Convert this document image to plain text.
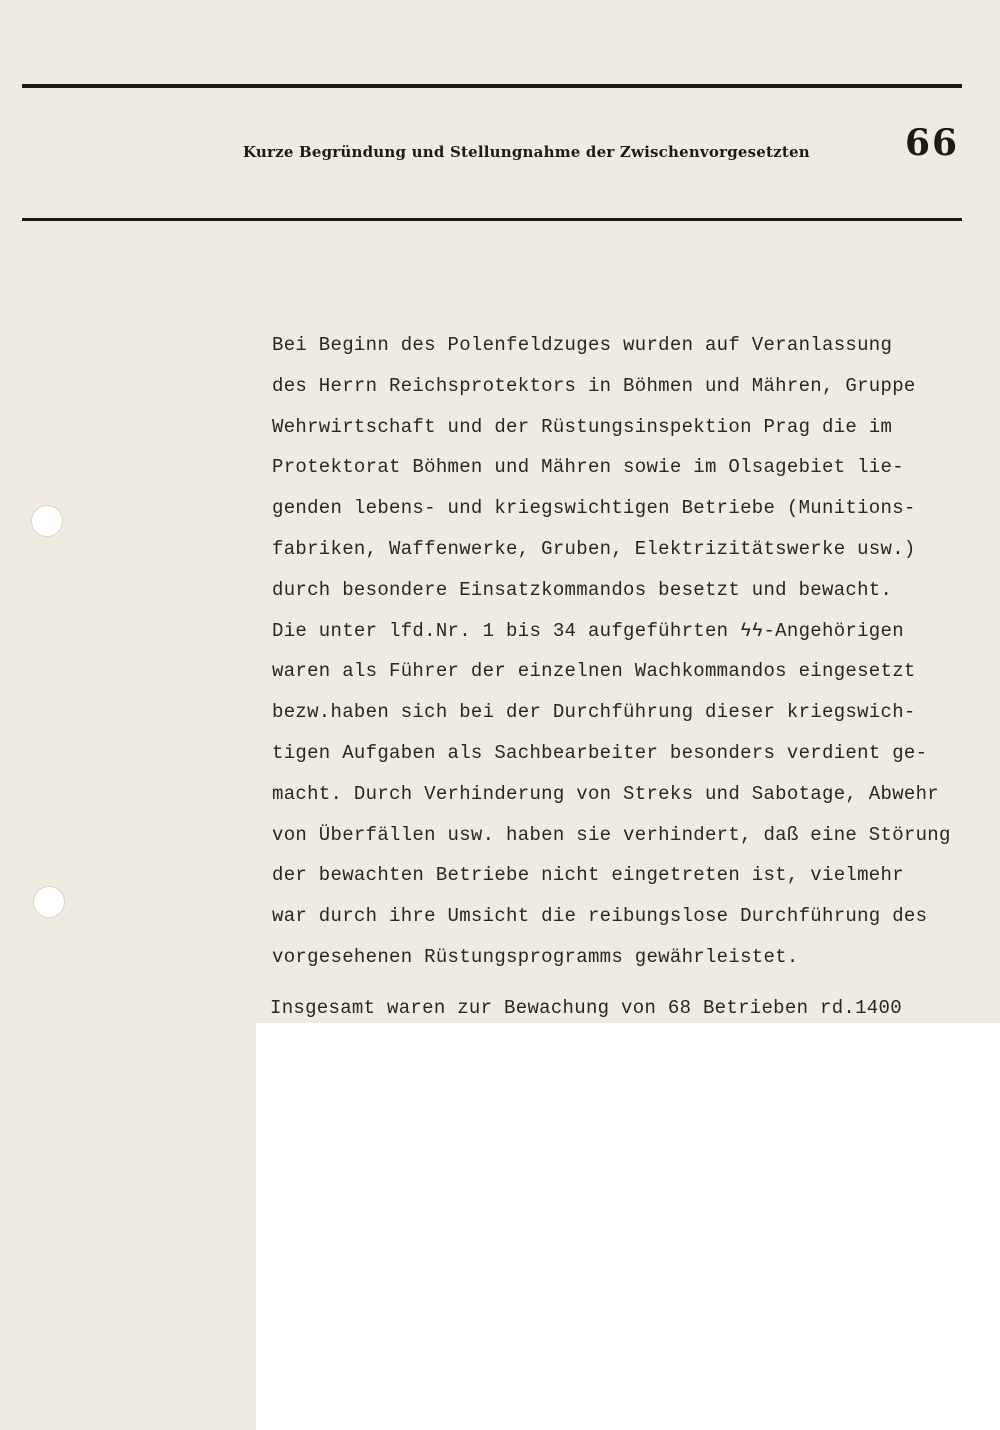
Kurze Begründung und Stellungnahme der Zwischenvorgesetzten	66
Bei Beginn des Polenfeldzuges wurden auf Veranlassung
des Herrn Reichsprotektors in Böhmen und Mähren, Gruppe
Wehrwirtschaft und der Rüstungsinspektion Prag die im
Protektorat Böhmen und Mähren sowie im Olsagebiet lie-
genden lebens- und kriegswichtigen Betriebe (Munitions-
fabriken, Waffenwerke, Gruben, Elektrizitätswerke usw.)
durch besondere Einsatzkommandos besetzt und bewacht.
Die unter lfd.Nr. 1 bis 34 aufgeführten ϟϟ-Angehörigen
waren als Führer der einzelnen Wachkommandos eingesetzt
bezw.haben sich bei der Durchführung dieser kriegswich-
tigen Aufgaben als Sachbearbeiter besonders verdient ge-
macht. Durch Verhinderung von Streks und Sabotage, Abwehr
von Überfällen usw. haben sie verhindert, daß eine Störung
der bewachten Betriebe nicht eingetreten ist, vielmehr
war durch ihre Umsicht die reibungslose Durchführung des
vorgesehenen Rüstungsprogramms gewährleistet.
Insgesamt waren zur Bewachung von 68 Betrieben rd.1400
